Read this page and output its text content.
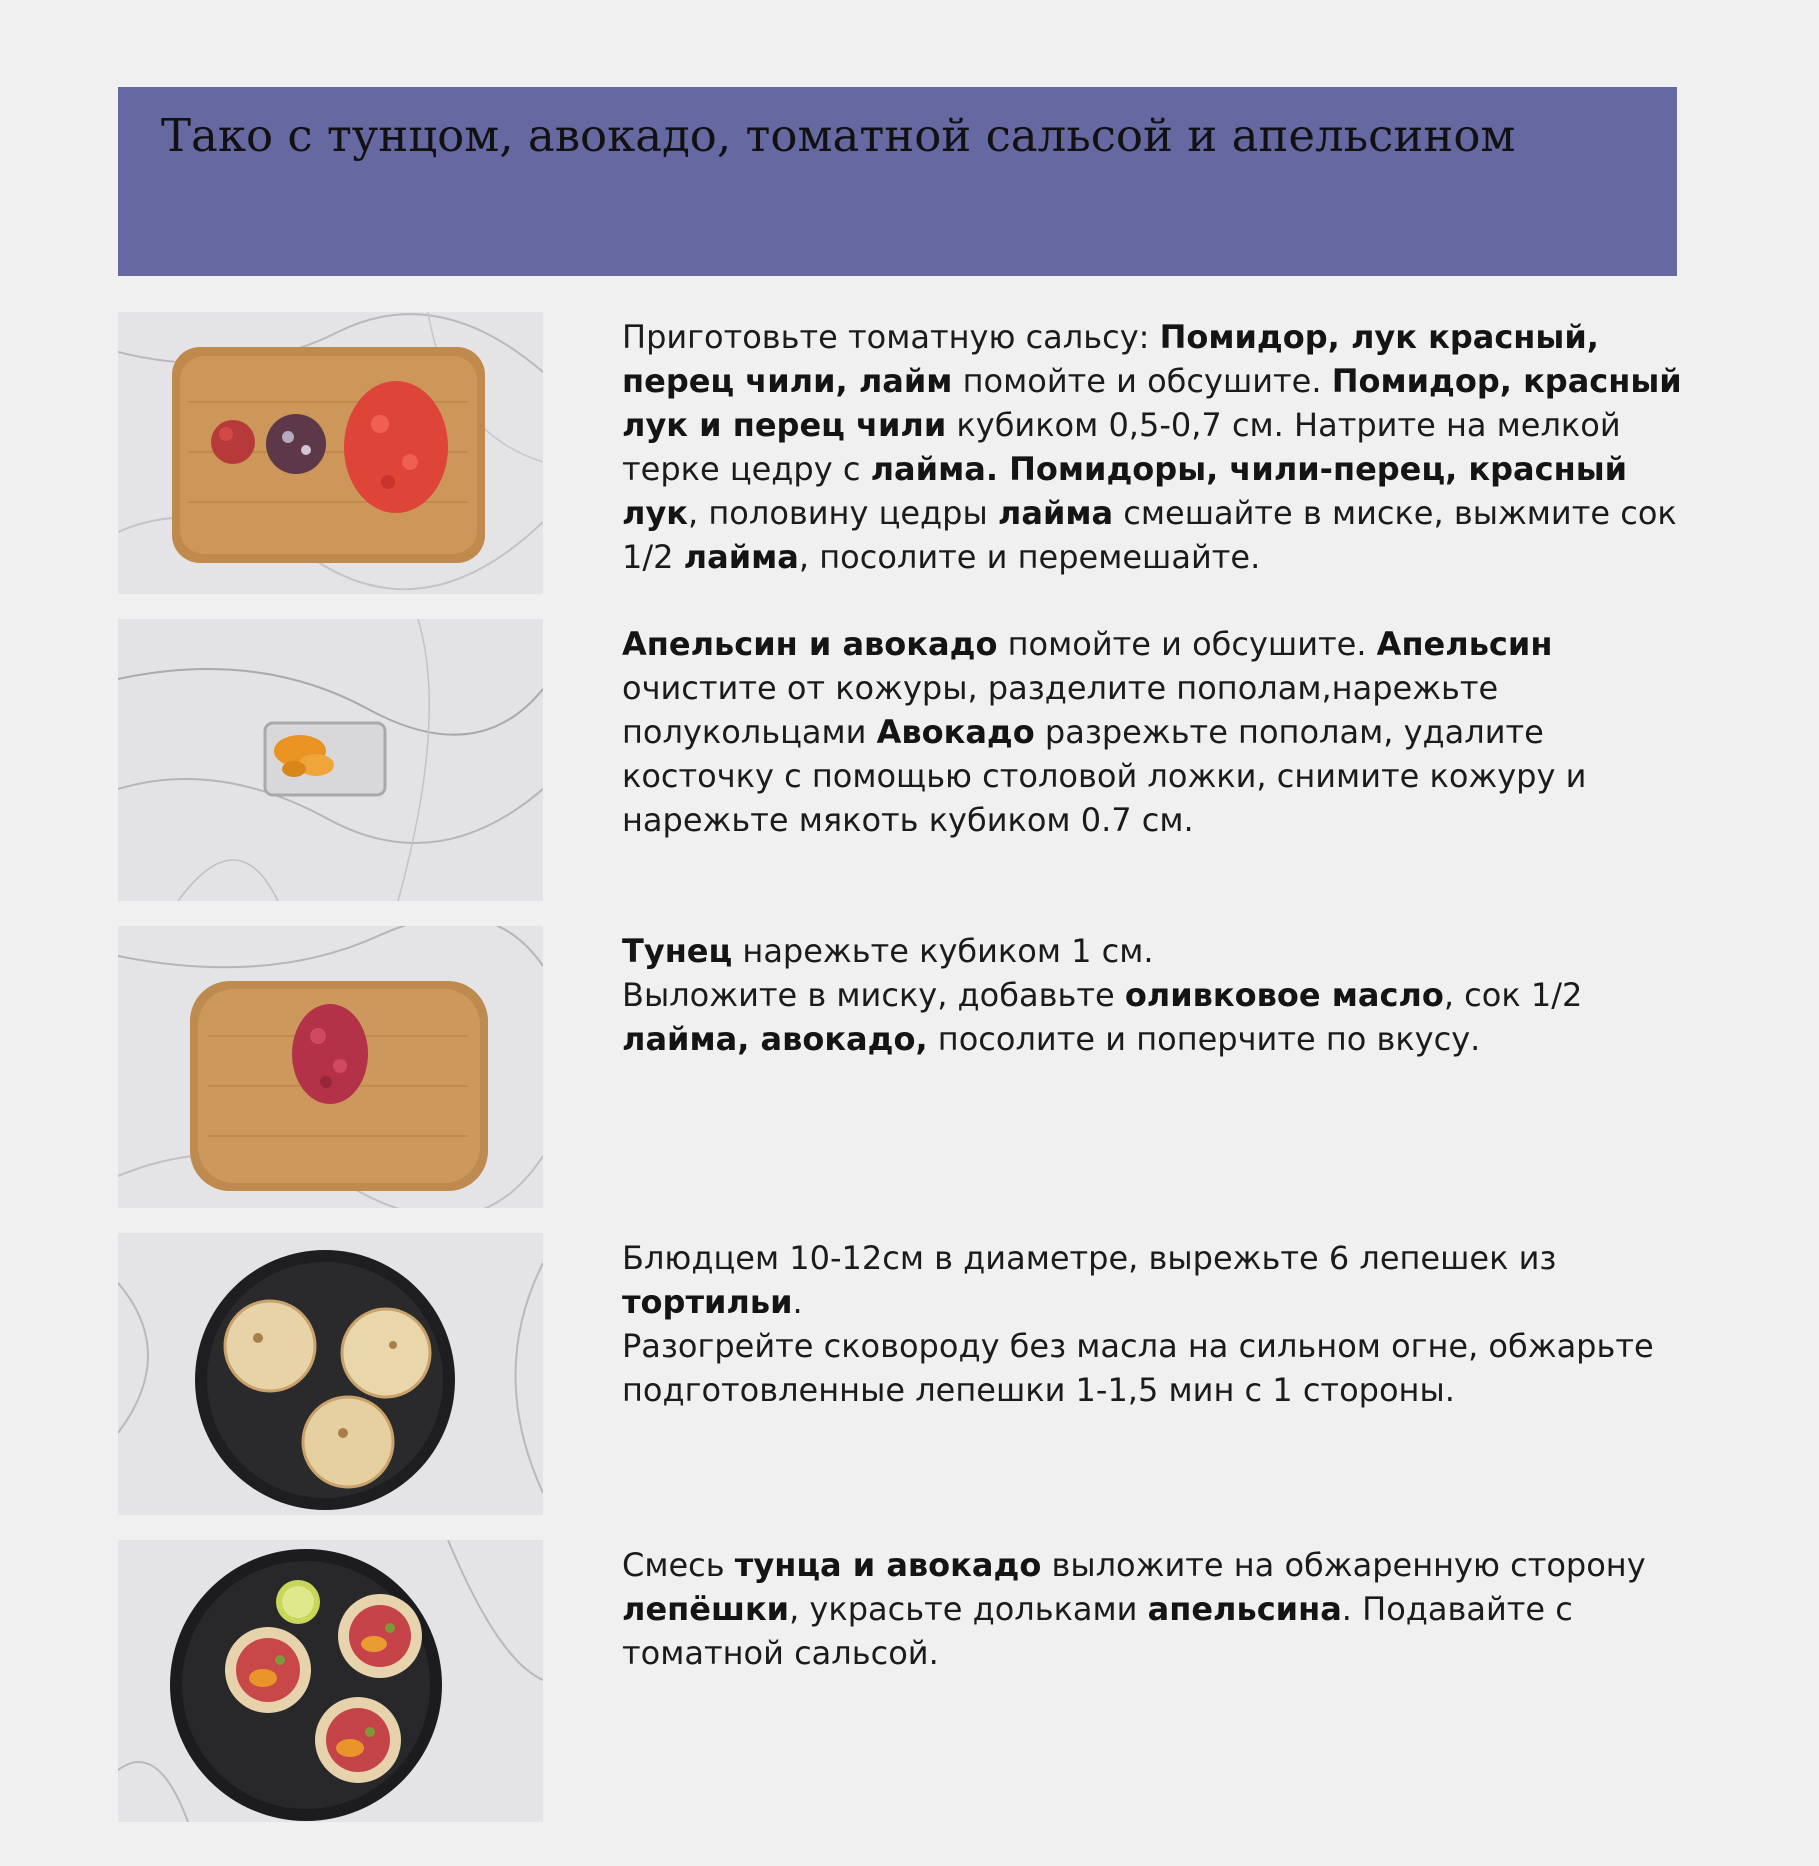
Тако с тунцом, авокадо, томатной сальсой и апельсином
Приготовьте томатную сальсу: Помидор, лук красный, перец чили, лайм помойте и обсушите. Помидор, красный лук и перец чили кубиком 0,5-0,7 см. Натрите на мелкой терке цедру с лайма. Помидоры, чили-перец, красный лук, половину цедры лайма смешайте в миске, выжмите сок 1/2 лайма, посолите и перемешайте.
Апельсин и авокадо помойте и обсушите. Апельсин очистите от кожуры, разделите пополам,нарежьте полукольцами Авокадо разрежьте пополам, удалите косточку с помощью столовой ложки, снимите кожуру и нарежьте мякоть кубиком 0.7 см.
Тунец нарежьте кубиком 1 см.
Выложите в миску, добавьте оливковое масло, сок 1/2 лайма, авокадо, посолите и поперчите по вкусу.
Блюдцем 10-12см в диаметре, вырежьте 6 лепешек из тортильи.
Разогрейте сковороду без масла на сильном огне, обжарьте подготовленные лепешки 1-1,5 мин с 1 стороны.
Смесь тунца и авокадо выложите на обжаренную сторону лепёшки, украсьте дольками апельсина. Подавайте с томатной сальсой.
